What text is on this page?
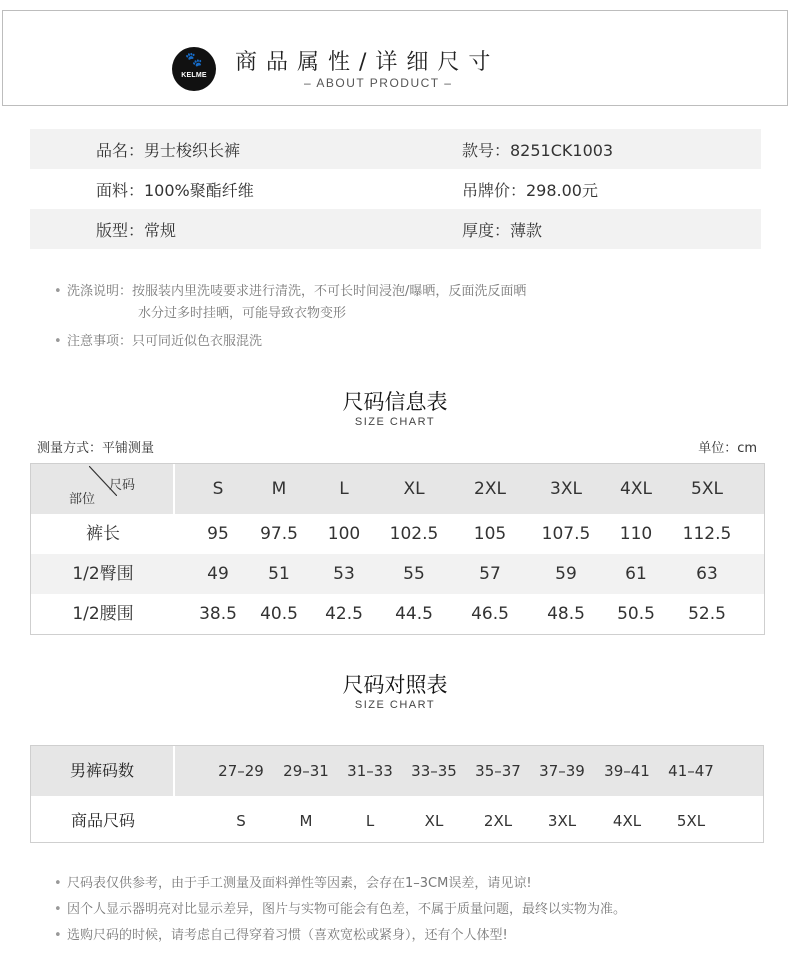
🐾
KELME
商品属性/详细尺寸
– ABOUT PRODUCT –
品名：男士梭织长裤	款号：8251CK1003
面料：100%聚酯纤维	吊牌价：298.00元
版型：常规	厚度：薄款
• 洗涤说明：按服装内里洗唛要求进行清洗，不可长时间浸泡/曝晒，反面洗反面晒
水分过多时挂晒，可能导致衣物变形
• 注意事项：只可同近似色衣服混洗
尺码信息表
SIZE CHART
测量方式：平铺测量	单位：cm
尺码
部位
S	M	L	XL	2XL	3XL	4XL	5XL
裤长	95	97.5	100	102.5	105	107.5	110	112.5
1/2臀围	49	51	53	55	57	59	61	63
1/2腰围	38.5	40.5	42.5	44.5	46.5	48.5	50.5	52.5
尺码对照表
SIZE CHART
男裤码数	27–29	29–31	31–33	33–35	35–37	37–39	39–41	41–47
商品尺码	S	M	L	XL	2XL	3XL	4XL	5XL
• 尺码表仅供参考，由于手工测量及面料弹性等因素，会存在1–3CM误差，请见谅!
• 因个人显示器明亮对比显示差异，图片与实物可能会有色差，不属于质量问题，最终以实物为准。
• 选购尺码的时候，请考虑自己得穿着习惯（喜欢宽松或紧身），还有个人体型!
